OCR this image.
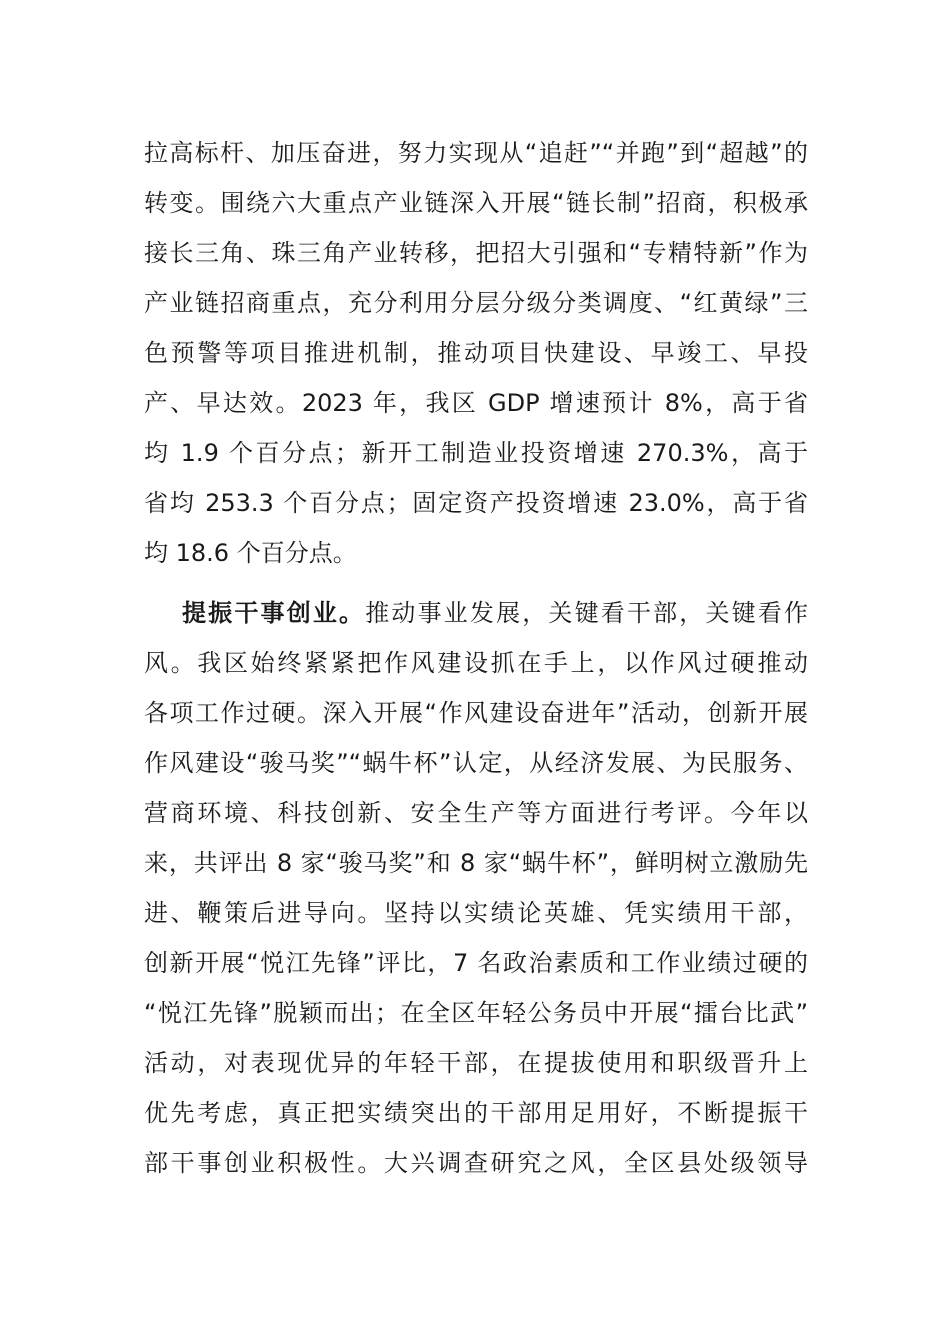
拉高标杆、加压奋进，努力实现从“追赶”“并跑”到“超越”的
转变。围绕六大重点产业链深入开展“链长制”招商，积极承
接长三角、珠三角产业转移，把招大引强和“专精特新”作为
产业链招商重点，充分利用分层分级分类调度、“红黄绿”三
色预警等项目推进机制，推动项目快建设、早竣工、早投
产、早达效。2023 年，我区 GDP 增速预计 8%，高于省
均 1.9 个百分点；新开工制造业投资增速 270.3%，高于
省均 253.3 个百分点；固定资产投资增速 23.0%，高于省
均 18.6 个百分点。
提振干事创业。推动事业发展，关键看干部，关键看作
风。我区始终紧紧把作风建设抓在手上，以作风过硬推动
各项工作过硬。深入开展“作风建设奋进年”活动，创新开展
作风建设“骏马奖”“蜗牛杯”认定，从经济发展、为民服务、
营商环境、科技创新、安全生产等方面进行考评。今年以
来，共评出 8 家“骏马奖”和 8 家“蜗牛杯”，鲜明树立激励先
进、鞭策后进导向。坚持以实绩论英雄、凭实绩用干部，
创新开展“悦江先锋”评比，7 名政治素质和工作业绩过硬的
“悦江先锋”脱颖而出；在全区年轻公务员中开展“擂台比武”
活动，对表现优异的年轻干部，在提拔使用和职级晋升上
优先考虑，真正把实绩突出的干部用足用好，不断提振干
部干事创业积极性。大兴调查研究之风，全区县处级领导
